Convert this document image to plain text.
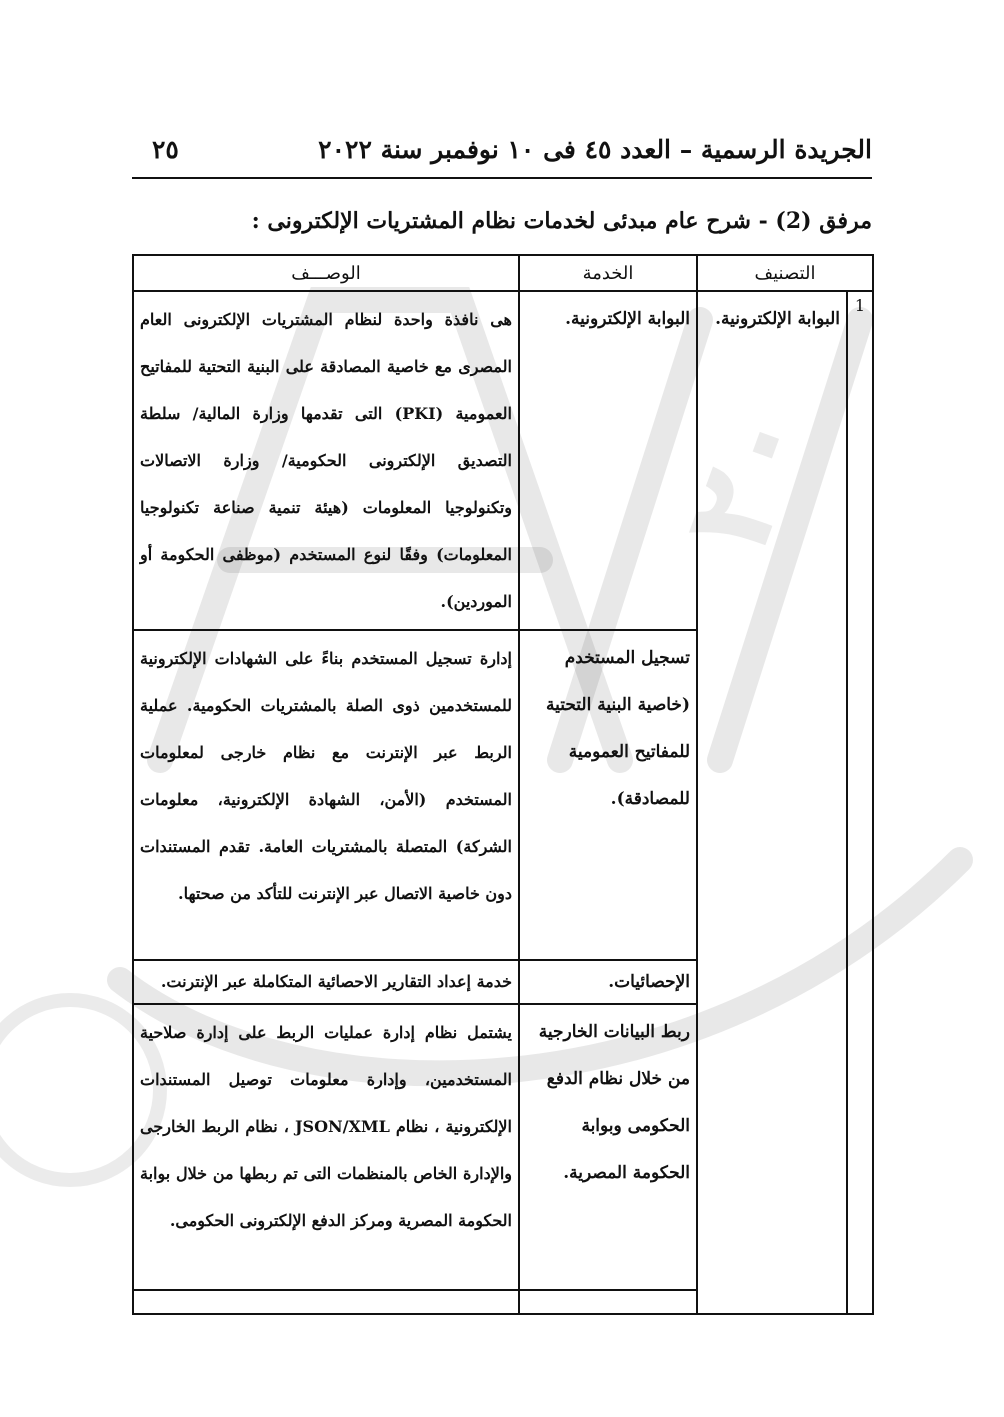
٢٠
الجريدة الرسمية – العدد ٤٥ فى ١٠ نوفمبر سنة ٢٠٢٢
٢٥
مرفق (2) - شرح عام مبدئى لخدمات نظام المشتريات الإلكترونى :
التصنيف		الخدمة	الوصـــف
1	البوابة الإلكترونية.	البوابة الإلكترونية.	هى نافذة واحدة لنظام المشتريات الإلكترونى العام المصرى مع خاصية المصادقة على البنية التحتية للمفاتيح العمومية (PKI) التى تقدمها وزارة المالية/ سلطة التصديق الإلكترونى الحكومية/ وزارة الاتصالات وتكنولوجيا المعلومات (هيئة تنمية صناعة تكنولوجيا المعلومات) وفقًا لنوع المستخدم (موظفى الحكومة أو الموردين).
		تسجيل المستخدم (خاصية البنية التحتية للمفاتيح العمومية للمصادقة).	إدارة تسجيل المستخدم بناءً على الشهادات الإلكترونية للمستخدمين ذوى الصلة بالمشتريات الحكومية. عملية الربط عبر الإنترنت مع نظام خارجى لمعلومات المستخدم (الأمن، الشهادة الإلكترونية، معلومات الشركة) المتصلة بالمشتريات العامة. تقدم المستندات دون خاصية الاتصال عبر الإنترنت للتأكد من صحتها.
		الإحصائيات.	خدمة إعداد التقارير الاحصائية المتكاملة عبر الإنترنت.
		ربط البيانات الخارجية من خلال نظام الدفع الحكومى وبوابة الحكومة المصرية.	يشتمل نظام إدارة عمليات الربط على إدارة صلاحية المستخدمين، وإدارة معلومات توصيل المستندات الإلكترونية ، نظام JSON/XML ، نظام الربط الخارجى والإدارة الخاص بالمنظمات التى تم ربطها من خلال بوابة الحكومة المصرية ومركز الدفع الإلكترونى الحكومى.
